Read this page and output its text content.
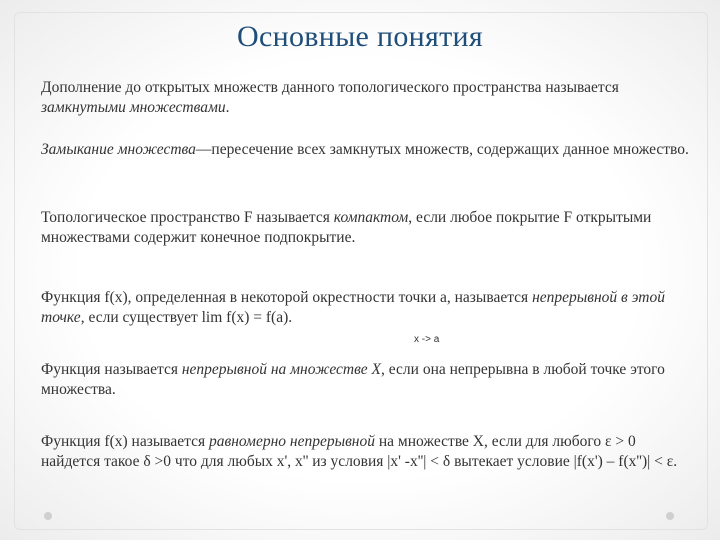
Основные понятия
Дополнение до открытых множеств данного топологического пространства называется замкнутыми множествами.
Замыкание множества—пересечение всех замкнутых множеств, содержащих данное множество.
Топологическое пространство F называется компактом, если любое покрытие F открытыми множествами содержит конечное подпокрытие.
Функция f(x), определенная в некоторой окрестности точки a, называется непрерывной в этой точке, если существует lim f(x) = f(a).
x -> a
Функция называется непрерывной на множестве X, если она непрерывна в любой точке этого множества.
Функция f(x) называется равномерно непрерывной на множестве X, если для любого ε > 0 найдется такое δ >0 что для любых x', x'' из условия |x' -x''| < δ вытекает условие |f(x') – f(x'')| < ε.
